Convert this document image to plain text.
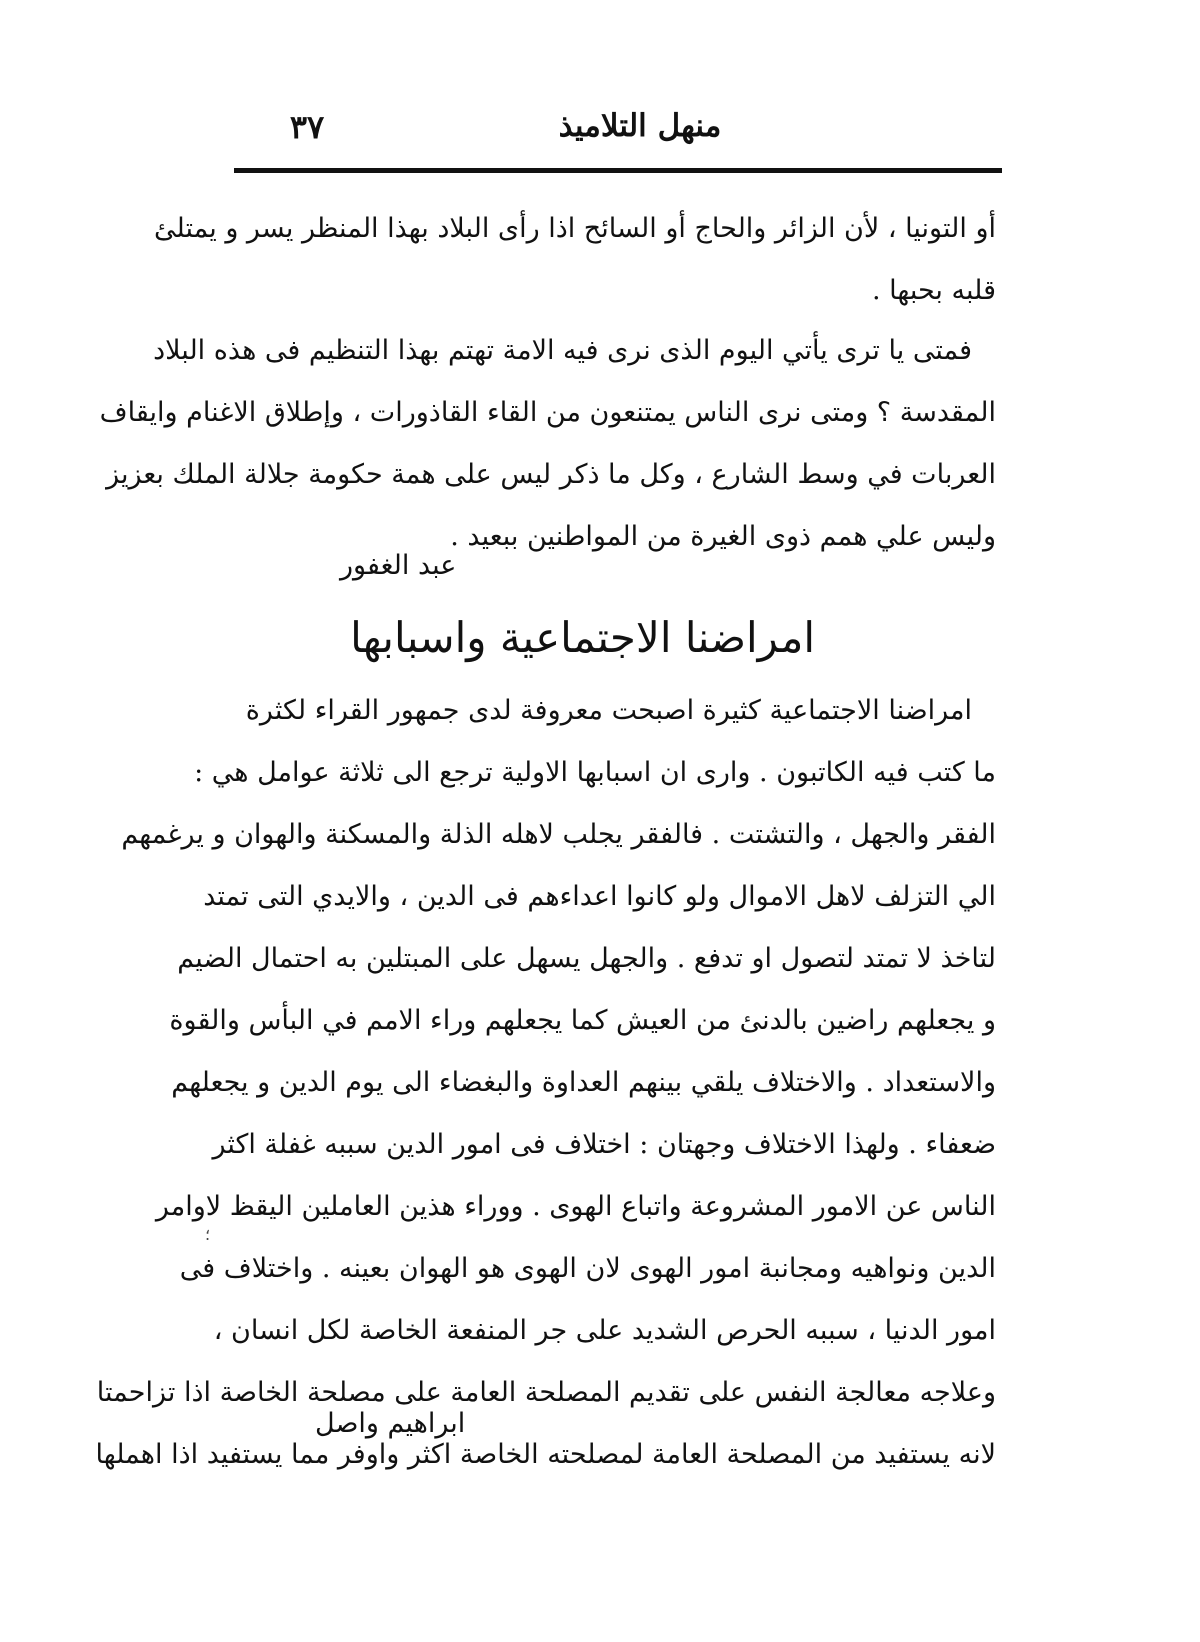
منهل التلاميذ
٣٧
أو التونيا ، لأن الزائر والحاج أو السائح اذا رأى البلاد بهذا المنظر يسر و يمتلئ
قلبه بحبها .
فمتى يا ترى يأتي اليوم الذى نرى فيه الامة تهتم بهذا التنظيم فى هذه البلاد
المقدسة ؟ ومتى نرى الناس يمتنعون من القاء القاذورات ، وإطلاق الاغنام وايقاف
العربات في وسط الشارع ، وكل ما ذكر ليس على همة حكومة جلالة الملك بعزيز
وليس علي همم ذوى الغيرة من المواطنين ببعيد .
عبد الغفور
امراضنا الاجتماعية واسبابها
امراضنا الاجتماعية كثيرة اصبحت معروفة لدى جمهور القراء لكثرة
ما كتب فيه الكاتبون . وارى ان اسبابها الاولية ترجع الى ثلاثة عوامل هي :
الفقر والجهل ، والتشتت . فالفقر يجلب لاهله الذلة والمسكنة والهوان و يرغمهم
الي التزلف لاهل الاموال ولو كانوا اعداءهم فى الدين ، والايدي التى تمتد
لتاخذ لا تمتد لتصول او تدفع . والجهل يسهل على المبتلين به احتمال الضيم
و يجعلهم راضين بالدنئ من العيش كما يجعلهم وراء الامم في البأس والقوة
والاستعداد . والاختلاف يلقي بينهم العداوة والبغضاء الى يوم الدين و يجعلهم
ضعفاء . ولهذا الاختلاف وجهتان : اختلاف فى امور الدين سببه غفلة اكثر
الناس عن الامور المشروعة واتباع الهوى . ووراء هذين العاملين اليقظ لاوامر
الدين ونواهيه ومجانبة امور الهوى لان الهوى هو الهوان بعينه . واختلاف فى
امور الدنيا ، سببه الحرص الشديد على جر المنفعة الخاصة لكل انسان ،
وعلاجه معالجة النفس على تقديم المصلحة العامة على مصلحة الخاصة اذا تزاحمتا
لانه يستفيد من المصلحة العامة لمصلحته الخاصة اكثر واوفر مما يستفيد اذا اهملها
ابراهيم واصل
؛
